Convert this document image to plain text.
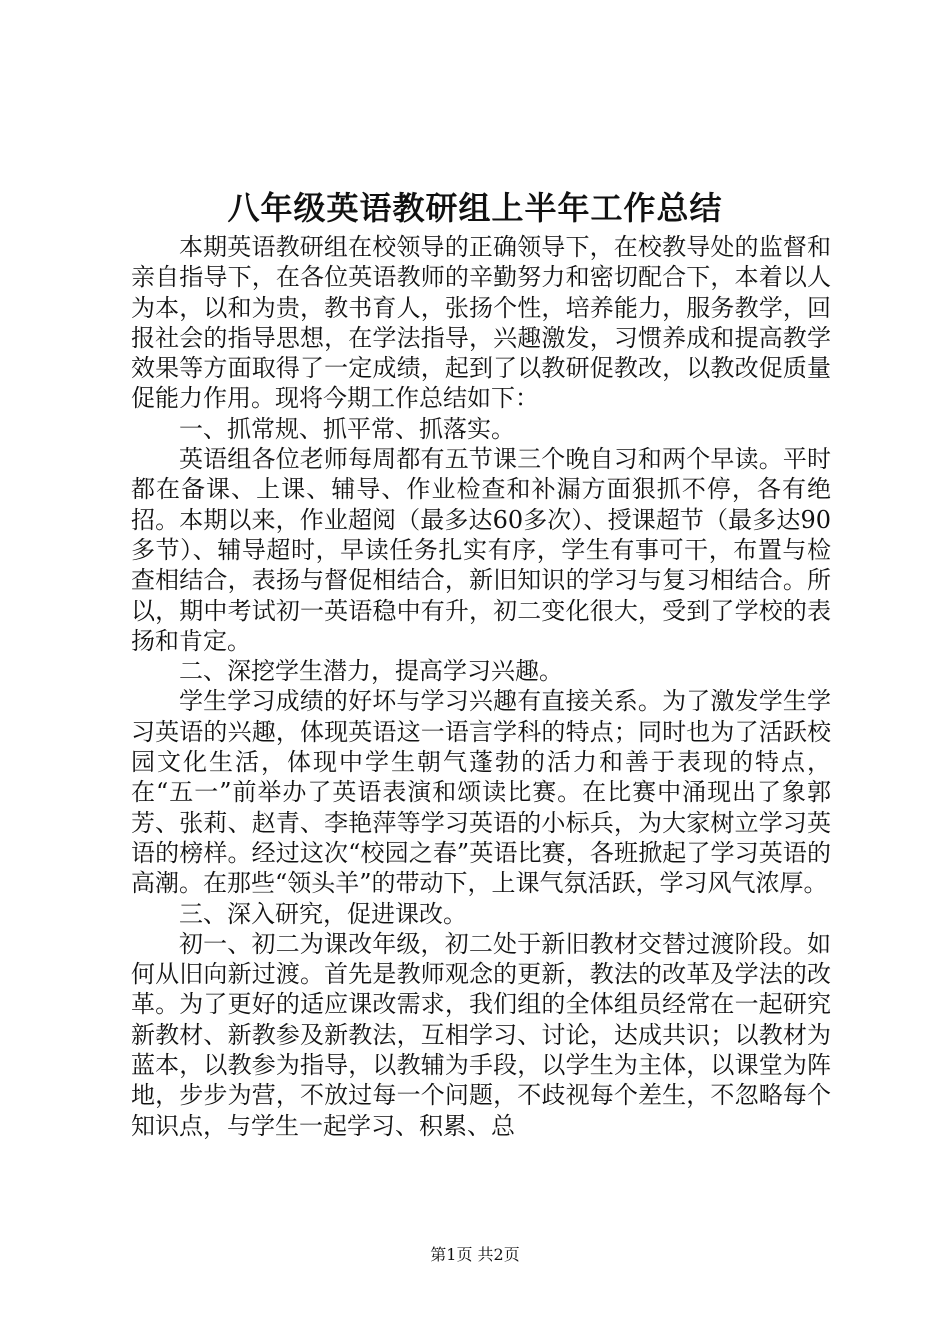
八年级英语教研组上半年工作总结

本期英语教研组在校领导的正确领导下，在校教导处的监督和亲自指导下，在各位英语教师的辛勤努力和密切配合下，本着以人为本，以和为贵，教书育人，张扬个性，培养能力，服务教学，回报社会的指导思想，在学法指导，兴趣激发，习惯养成和提高教学效果等方面取得了一定成绩，起到了以教研促教改，以教改促质量促能力作用。现将今期工作总结如下：

一、抓常规、抓平常、抓落实。

英语组各位老师每周都有五节课三个晚自习和两个早读。平时都在备课、上课、辅导、作业检查和补漏方面狠抓不停，各有绝招。本期以来，作业超阅（最多达60多次）、授课超节（最多达90多节）、辅导超时，早读任务扎实有序，学生有事可干，布置与检查相结合，表扬与督促相结合，新旧知识的学习与复习相结合。所以，期中考试初一英语稳中有升，初二变化很大，受到了学校的表扬和肯定。

二、深挖学生潜力，提高学习兴趣。

学生学习成绩的好坏与学习兴趣有直接关系。为了激发学生学习英语的兴趣，体现英语这一语言学科的特点；同时也为了活跃校园文化生活，体现中学生朝气蓬勃的活力和善于表现的特点，在“五一”前举办了英语表演和颂读比赛。在比赛中涌现出了象郭芳、张莉、赵青、李艳萍等学习英语的小标兵，为大家树立学习英语的榜样。经过这次“校园之春”英语比赛，各班掀起了学习英语的高潮。在那些“领头羊”的带动下，上课气氛活跃，学习风气浓厚。

三、深入研究，促进课改。

初一、初二为课改年级，初二处于新旧教材交替过渡阶段。如何从旧向新过渡。首先是教师观念的更新，教法的改革及学法的改革。为了更好的适应课改需求，我们组的全体组员经常在一起研究新教材、新教参及新教法，互相学习、讨论，达成共识；以教材为蓝本，以教参为指导，以教辅为手段，以学生为主体，以课堂为阵地，步步为营，不放过每一个问题，不歧视每个差生，不忽略每个知识点，与学生一起学习、积累、总

第1页 共2页
